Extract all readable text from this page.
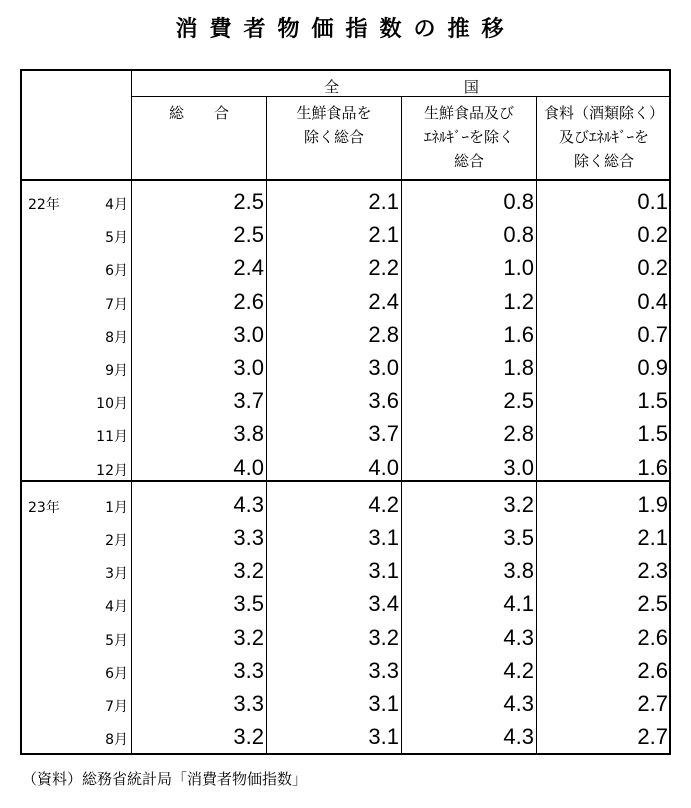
消費者物価指数の推移
全 国
総　　合	生鮮食品を
除く総合
生鮮食品及び
ｴﾈﾙｷﾞｰを除く
総合
食料（酒類除く）
及びｴﾈﾙｷﾞｰを
除く総合
22年	4月	2.5	2.1	0.8	0.1
5月	2.5	2.1	0.8	0.2
6月	2.4	2.2	1.0	0.2
7月	2.6	2.4	1.2	0.4
8月	3.0	2.8	1.6	0.7
9月	3.0	3.0	1.8	0.9
10月	3.7	3.6	2.5	1.5
11月	3.8	3.7	2.8	1.5
12月	4.0	4.0	3.0	1.6
23年	1月	4.3	4.2	3.2	1.9
2月	3.3	3.1	3.5	2.1
3月	3.2	3.1	3.8	2.3
4月	3.5	3.4	4.1	2.5
5月	3.2	3.2	4.3	2.6
6月	3.3	3.3	4.2	2.6
7月	3.3	3.1	4.3	2.7
8月	3.2	3.1	4.3	2.7
（資料）総務省統計局「消費者物価指数」
